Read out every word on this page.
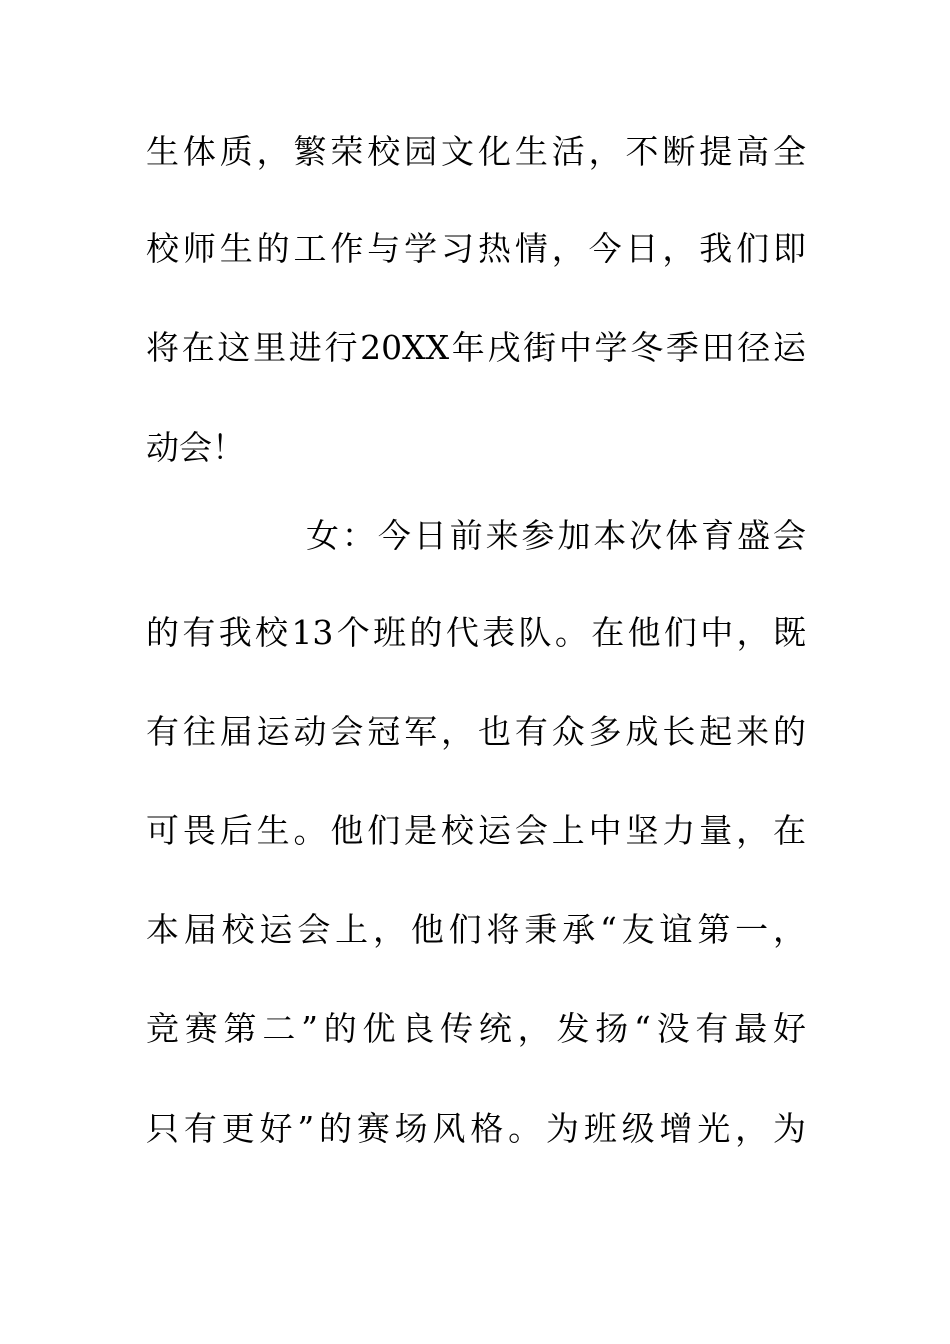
生体质，繁荣校园文化生活，不断提高全
校师生的工作与学习热情，今日，我们即
将在这里进行20XX年戌街中学冬季田径运
动会！
女：今日前来参加本次体育盛会
的有我校13个班的代表队。在他们中，既
有往届运动会冠军，也有众多成长起来的
可畏后生。他们是校运会上中坚力量，在
本届校运会上，他们将秉承“友谊第一，
竞赛第二”的优良传统，发扬“没有最好
只有更好”的赛场风格。为班级增光，为
